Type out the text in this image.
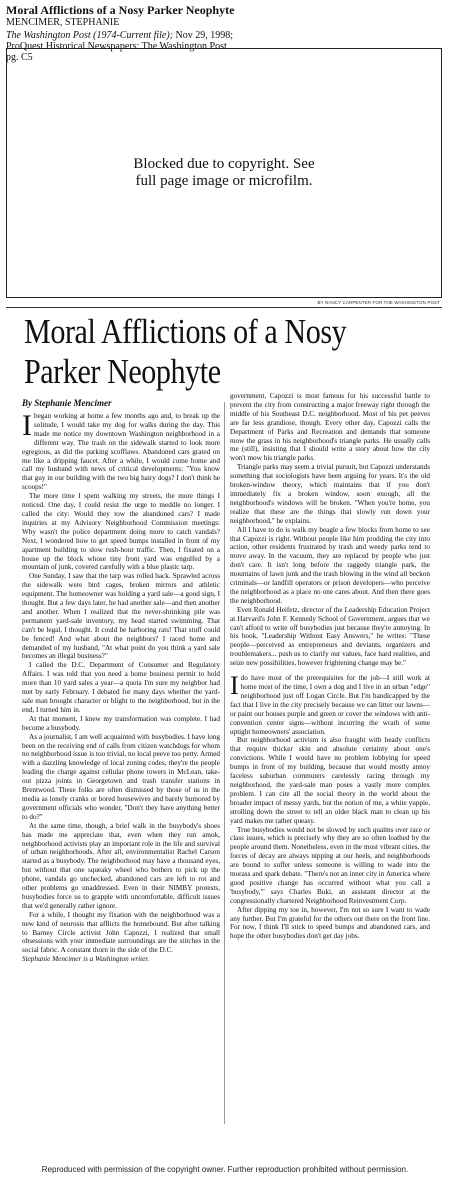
Moral Afflictions of a Nosy Parker Neophyte
MENCIMER, STEPHANIE
The Washington Post (1974-Current file); Nov 29, 1998;
ProQuest Historical Newspapers: The Washington Post
pg. C5
Blocked due to copyright. See full page image or microfilm.
BY NANCY CARPENTER FOR THE WASHINGTON POST
Moral Afflictions of a Nosy Parker Neophyte
By Stephanie Mencimer

Ibegan working at home a few months ago and, to break up the solitude, I would take my dog for walks during the day. This made me notice my downtown Washington neighborhood in a different way. The trash on the sidewalk started to look more egregious, as did the parking scofflaws. Abandoned cars grated on me like a dripping faucet. After a while, I would come home and call my husband with news of critical developments: "You know that guy in our building with the two big hairy dogs? I don't think he scoops!"

The more time I spent walking my streets, the more things I noticed. One day, I could resist the urge to meddle no longer. I called the city: Would they tow the abandoned cars? I made inquiries at my Advisory Neighborhood Commission meetings: Why wasn't the police department doing more to catch vandals? Next, I wondered how to get speed bumps installed in front of my apartment building to slow rush-hour traffic. Then, I fixated on a house up the block whose tiny front yard was engulfed by a mountain of junk, covered carefully with a blue plastic tarp.

One Sunday, I saw that the tarp was rolled back. Sprawled across the sidewalk were bird cages, broken mirrors and athletic equipment. The homeowner was holding a yard sale—a good sign, I thought. But a few days later, he had another sale—and then another and another. When I realized that the never-shrinking pile was permanent yard-sale inventory, my head started swimming. That can't be legal, I thought. It could be harboring rats! That stuff could be fenced! And what about the neighbors? I raced home and demanded of my husband, "At what point do you think a yard sale becomes an illegal business?"

I called the D.C. Department of Consumer and Regulatory Affairs. I was told that you need a home business permit to hold more than 10 yard sales a year—a quota I'm sure my neighbor had met by early February. I debated for many days whether the yard-sale man brought character or blight to the neighborhood, but in the end, I turned him in.

At that moment, I knew my transformation was complete. I had become a busybody.

As a journalist, I am well acquainted with busybodies. I have long been on the receiving end of calls from citizen watchdogs for whom no neighborhood issue is too trivial, no local peeve too petty. Armed with a dazzling knowledge of local zoning codes, they're the people leading the charge against cellular phone towers in McLean, take-out pizza joints in Georgetown and trash transfer stations in Brentwood. These folks are often dismissed by those of us in the media as lonely cranks or bored housewives and barely humored by government officials who wonder, "Don't they have anything better to do?"

At the same time, though, a brief walk in the busybody's shoes has made me appreciate that, even when they run amok, neighborhood activists play an important role in the life and survival of urban neighborhoods. After all, environmentalist Rachel Carson started as a busybody. The neighborhood may have a thousand eyes, but without that one squeaky wheel who bothers to pick up the phone, vandals go unchecked, abandoned cars are left to rot and other problems go unaddressed. Even in their NIMBY protests, busybodies force us to grapple with uncomfortable, difficult issues that we'd generally rather ignore.

For a while, I thought my fixation with the neighborhood was a new kind of neurosis that afflicts the homebound. But after talking to Barney Circle activist John Capozzi, I realized that small obsessions with your immediate surroundings are the stitches in the social fabric. A constant thorn in the side of the D.C.

Stephanie Mencimer is a Washington writer.

government, Capozzi is most famous for his successful battle to prevent the city from constructing a major freeway right through the middle of his Southeast D.C. neighborhood. Most of his pet peeves are far less grandiose, though. Every other day, Capozzi calls the Department of Parks and Recreation and demands that someone mow the grass in his neighborhood's triangle parks. He usually calls me (still), insisting that I should write a story about how the city won't mow his triangle parks.

Triangle parks may seem a trivial pursuit, but Capozzi understands something that sociologists have been arguing for years. It's the old broken-window theory, which maintains that if you don't immediately fix a broken window, soon enough, all the neighborhood's windows will be broken. "When you're home, you realize that these are the things that slowly run down your neighborhood," he explains.

All I have to do is walk my beagle a few blocks from home to see that Capozzi is right. Without people like him prodding the city into action, other residents frustrated by trash and weedy parks tend to move away. In the vacuum, they are replaced by people who just don't care. It isn't long before the raggedy triangle park, the mountains of lawn junk and the trash blowing in the wind all beckon criminals—or landfill operators or prison developers—who perceive the neighborhood as a place no one cares about. And then there goes the neighborhood.

Even Ronald Heifetz, director of the Leadership Education Project at Harvard's John F. Kennedy School of Government, argues that we can't afford to write off busybodies just because they're annoying. In his book, "Leadership Without Easy Answers," he writes: "These people—perceived as entrepreneurs and deviants, organizers and troublemakers... push us to clarify our values, face hard realities, and seize new possibilities, however frightening change may be."

Ido have most of the prerequisites for the job—I still work at home most of the time, I own a dog and I live in an urban "edge" neighborhood just off Logan Circle. But I'm handicapped by the fact that I live in the city precisely because we can litter our lawns—or paint our houses purple and green or cover the windows with anti-convention center signs—without incurring the wrath of some uptight homeowners' association.

But neighborhood activism is also fraught with heady conflicts that require thicker skin and absolute certainty about one's convictions. While I would have no problem lobbying for speed bumps in front of my building, because that would mostly annoy faceless suburban commuters carelessly racing through my neighborhood, the yard-sale man poses a vastly more complex problem. I can cite all the social theory in the world about the broader impact of messy yards, but the notion of me, a white yuppie, strolling down the street to tell an older black man to clean up his yard makes me rather queasy.

True busybodies would not be slowed by such qualms over race or class issues, which is precisely why they are so often loathed by the people around them. Nonetheless, even in the most vibrant cities, the forces of decay are always nipping at our heels, and neighborhoods are bound to suffer unless someone is willing to wade into the morass and spark debate. "There's not an inner city in America where good positive change has occurred without what you call a 'busybody,'" says Charles Buki, an assistant director at the congressionally chartered Neighborhood Reinvestment Corp.

After dipping my toe in, however, I'm not so sure I want to wade any further. But I'm grateful for the others out there on the front line. For now, I think I'll stick to speed bumps and abandoned cars, and hope the other busybodies don't get day jobs.

Reproduced with permission of the copyright owner. Further reproduction prohibited without permission.
